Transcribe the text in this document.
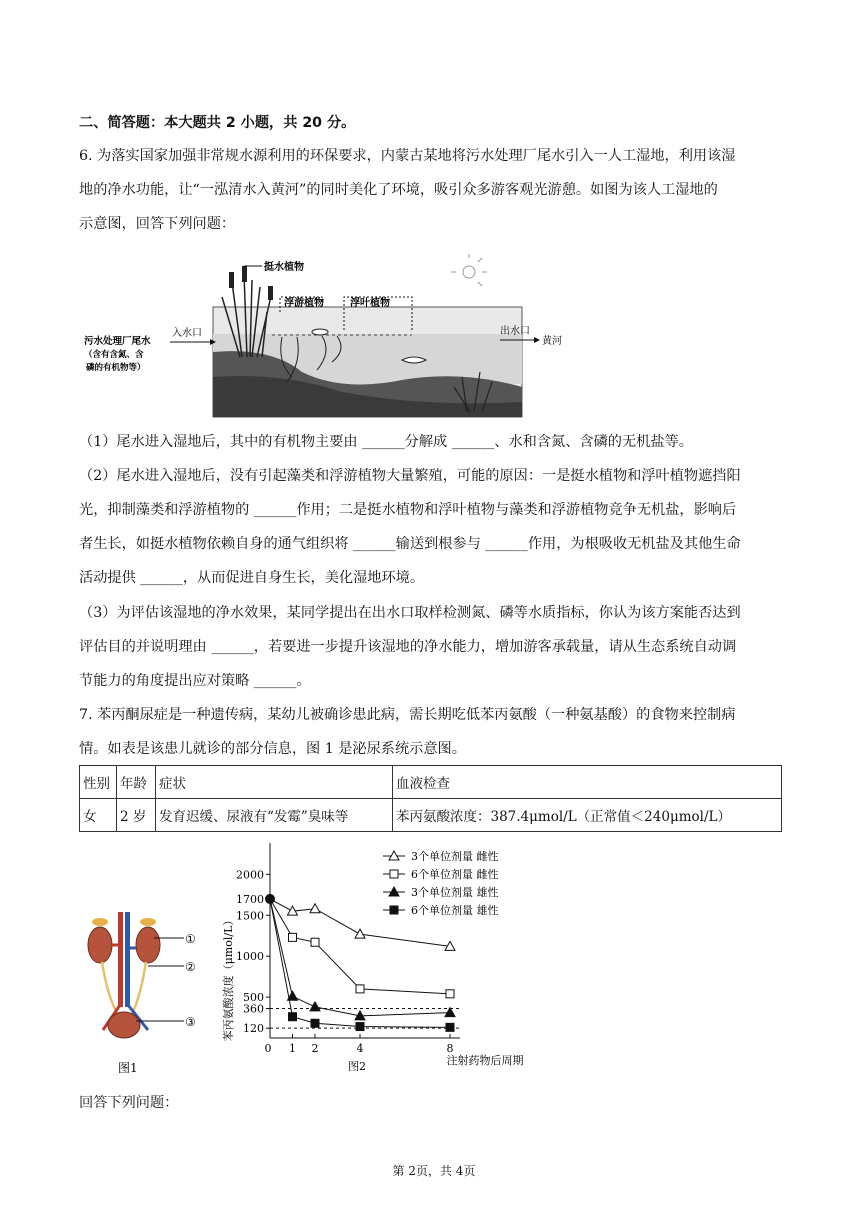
二、简答题：本大题共 2 小题，共 20 分。
6. 为落实国家加强非常规水源利用的环保要求，内蒙古某地将污水处理厂尾水引入一人工湿地，利用该湿
地的净水功能，让“一泓清水入黄河”的同时美化了环境，吸引众多游客观光游憩。如图为该人工湿地的
示意图，回答下列问题：
挺水植物
浮游植物	浮叶植物
入水口
污水处理厂尾水
（含有含氮、含
磷的有机物等）
出水口
黄河
（1）尾水进入湿地后，其中的有机物主要由 ______分解成 ______、水和含氮、含磷的无机盐等。
（2）尾水进入湿地后，没有引起藻类和浮游植物大量繁殖，可能的原因：一是挺水植物和浮叶植物遮挡阳
光，抑制藻类和浮游植物的 ______作用；二是挺水植物和浮叶植物与藻类和浮游植物竞争无机盐，影响后
者生长，如挺水植物依赖自身的通气组织将 ______输送到根参与 ______作用，为根吸收无机盐及其他生命
活动提供 ______，从而促进自身生长，美化湿地环境。
（3）为评估该湿地的净水效果，某同学提出在出水口取样检测氮、磷等水质指标，你认为该方案能否达到
评估目的并说明理由 ______，若要进一步提升该湿地的净水能力，增加游客承载量，请从生态系统自动调
节能力的角度提出应对策略 ______。
7. 苯丙酮尿症是一种遗传病，某幼儿被确诊患此病，需长期吃低苯丙氨酸（一种氨基酸）的食物来控制病
情。如表是该患儿就诊的部分信息，图 1 是泌尿系统示意图。
性别	年龄	症状	血液检查
女	2 岁	发育迟缓、尿液有“发霉”臭味等	苯丙氨酸浓度：387.4μmol/L（正常值＜240μmol/L）
①
②
③
图1
120
360
500
1000
1500
1700
2000
0 1 2	4	8
3个单位剂量 雌性
6个单位剂量 雌性
3个单位剂量 雄性
6个单位剂量 雄性
苯丙氨酸浓度（μmol/L）
注射药物后周期
图2
回答下列问题：
第 2页，共 4页
